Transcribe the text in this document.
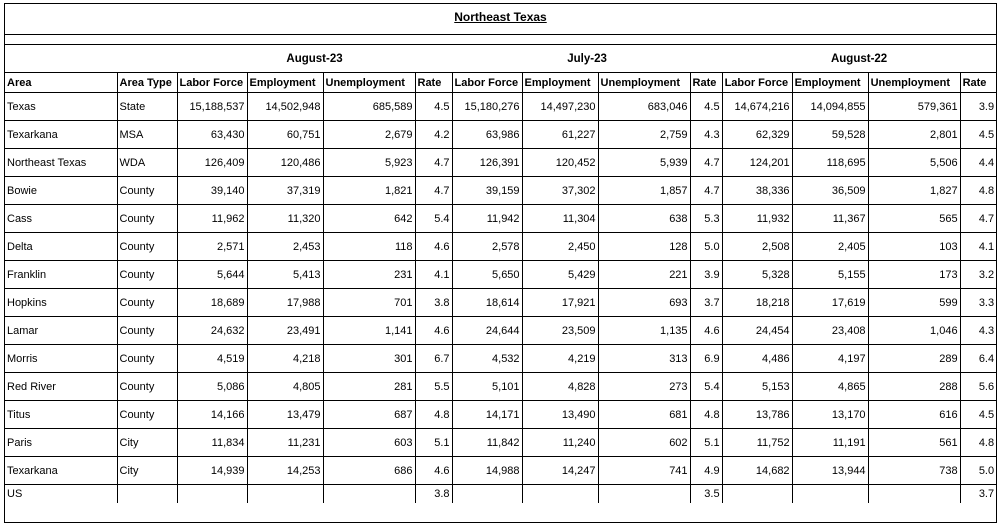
Northeast Texas
		August-23				July-23				August-22			
Area	Area Type	Labor Force	Employment	Unemployment	Rate	Labor Force	Employment	Unemployment	Rate	Labor Force	Employment	Unemployment	Rate
Texas	State	15,188,537	14,502,948	685,589	4.5	15,180,276	14,497,230	683,046	4.5	14,674,216	14,094,855	579,361	3.9
Texarkana	MSA	63,430	60,751	2,679	4.2	63,986	61,227	2,759	4.3	62,329	59,528	2,801	4.5
Northeast Texas	WDA	126,409	120,486	5,923	4.7	126,391	120,452	5,939	4.7	124,201	118,695	5,506	4.4
Bowie	County	39,140	37,319	1,821	4.7	39,159	37,302	1,857	4.7	38,336	36,509	1,827	4.8
Cass	County	11,962	11,320	642	5.4	11,942	11,304	638	5.3	11,932	11,367	565	4.7
Delta	County	2,571	2,453	118	4.6	2,578	2,450	128	5.0	2,508	2,405	103	4.1
Franklin	County	5,644	5,413	231	4.1	5,650	5,429	221	3.9	5,328	5,155	173	3.2
Hopkins	County	18,689	17,988	701	3.8	18,614	17,921	693	3.7	18,218	17,619	599	3.3
Lamar	County	24,632	23,491	1,141	4.6	24,644	23,509	1,135	4.6	24,454	23,408	1,046	4.3
Morris	County	4,519	4,218	301	6.7	4,532	4,219	313	6.9	4,486	4,197	289	6.4
Red River	County	5,086	4,805	281	5.5	5,101	4,828	273	5.4	5,153	4,865	288	5.6
Titus	County	14,166	13,479	687	4.8	14,171	13,490	681	4.8	13,786	13,170	616	4.5
Paris	City	11,834	11,231	603	5.1	11,842	11,240	602	5.1	11,752	11,191	561	4.8
Texarkana	City	14,939	14,253	686	4.6	14,988	14,247	741	4.9	14,682	13,944	738	5.0
US					3.8				3.5				3.7
